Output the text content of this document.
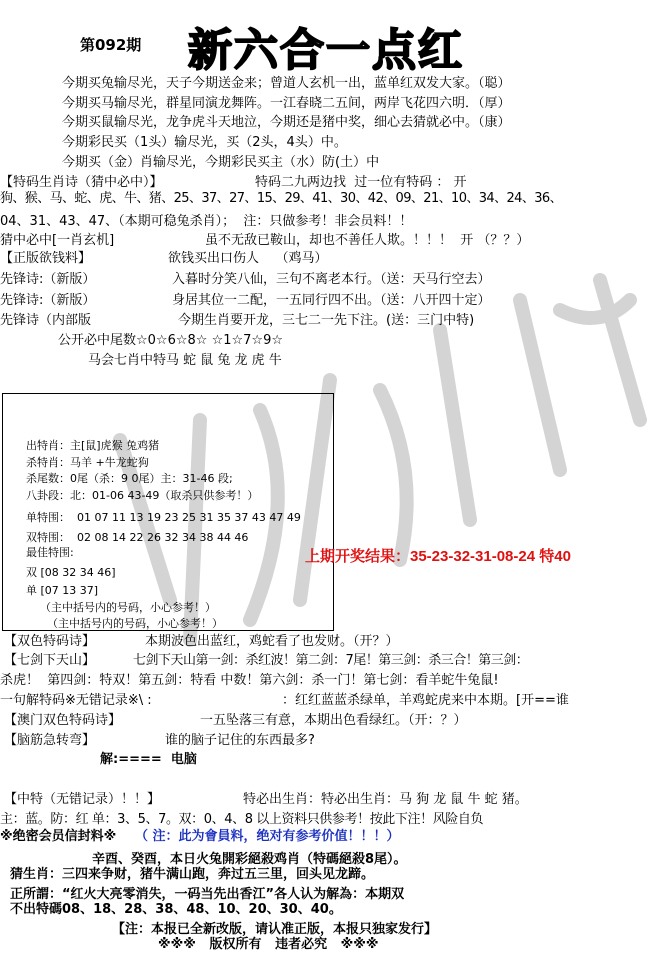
第092期 新六合一点红
今期买兔输尽光，天子今期送金来；曾道人玄机一出，蓝单红双发大家。（聪）
今期买马输尽光，群星同演龙舞阵。一江春晓二五间，两岸飞花四六明．（厚）
今期买鼠输尽光，龙争虎斗天地泣，今期还是猪中奖，细心去猜就必中。（康）
今期彩民买（1头）输尽光，买（2头，4头）中。
今期买（金）肖输尽光，今期彩民买主（水）防(土）中
【特码生肖诗（猜中必中）】	特码二九两边找  过一位有特码 ： 开
狗、猴、马、蛇、虎、牛、猪、25、37、27、15、29、41、30、42、09、21、10、34、24、36、
04、31、43、47、（本期可稳兔杀肖）；  注：只做参考！非会员料！！
猜中必中[一肖玄机]	虽不无敌已鞍山，却也不善任人欺。！！！  开 （？？）
【正版欲钱料】	欲钱买出口伤人    （鸡马）
先锋诗:（新版）	入暮时分笑八仙，三句不离老本行。（送：天马行空去）
先锋诗:（新版）	身居其位一二配，一五同行四不出。（送：八开四十定）
先锋诗（内部版	今期生肖要开龙，三七二一先下注。(送：三门中特)
公开必中尾数☆0☆6☆8☆ ☆1☆7☆9☆
马会七肖中特马 蛇 鼠 兔 龙 虎 牛
出特肖：主[鼠]虎猴 兔鸡猪
杀特肖：马羊 +牛龙蛇狗
杀尾数：0尾（杀：9 0尾）主：31-46 段;
八卦段：北：01-06 43-49（取杀只供参考！）
单特围：  01 07 11 13 19 23 25 31 35 37 43 47 49
双特围：  02 08 14 22 26 32 34 38 44 46
最佳特围:
双 [08 32 34 46]
单 [07 13 37]
（主中括号内的号码，小心参考！）
（主中括号内的号码，小心参考！）
上期开奖结果：35-23-32-31-08-24 特40
【双色特码诗】	本期波色出蓝红，鸡蛇看了也发财。（开？）
【七剑下天山】	七剑下天山第一剑：杀红波！第二剑：7尾！第三剑：杀三合！第三剑：
杀虎！  第四剑：特双！第五剑：特看 中数！第六剑：杀一门！第七剑：看羊蛇牛兔鼠!
一句解特码※无错记录※\ :	：红红蓝蓝杀绿单，羊鸡蛇虎来中本期。[开==谁
【澳门双色特码诗】	一五坠落三有意，本期出色看绿红。（开：？）
【脑筋急转弯】	谁的脑子记住的东西最多?
解:====  电脑
【中特（无错记录）！！】	特必出生肖：特必出生肖：马 狗 龙 鼠 牛 蛇 猪。
主：蓝。防：红 单：3、5、7。双：0、4、8 以上资料只供参考！按此下注！风险自负
※绝密会员信封料※ （ 注：此为會員料，绝对有参考价值！！！）
辛酉、癸酉，本日火兔開彩絕殺鸡肖（特碼絕殺8尾）。
猜生肖：三四来争财，猪牛满山跑，奔过五三里，回头见龙蹄。
正所謂：“红火大亮零消失，一码当先出香江”各人认为解為：本期双
不出特碼08、18、28、38、48、10、20、30、40。
【注：本报已全新改版，请认准正版，本报只独家发行】
※※※   版权所有   违者必究   ※※※
